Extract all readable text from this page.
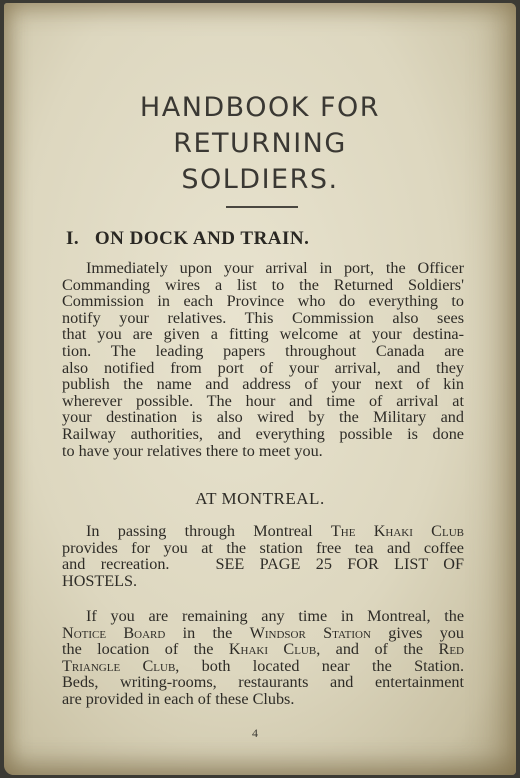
HANDBOOK FOR
RETURNING
SOLDIERS.
I.   ON DOCK AND TRAIN.
Immediately upon your arrival in port, the Officer
Commanding wires a list to the Returned Soldiers'
Commission in each Province who do everything to
notify your relatives. This Commission also sees
that you are given a fitting welcome at your destina-
tion. The leading papers throughout Canada are
also notified from port of your arrival, and they
publish the name and address of your next of kin
wherever possible. The hour and time of arrival at
your destination is also wired by the Military and
Railway authorities, and everything possible is done
to have your relatives there to meet you.
AT MONTREAL.
In passing through Montreal The Khaki Club
provides for you at the station free tea and coffee
and recreation.   SEE PAGE 25 FOR LIST OF
HOSTELS.
If you are remaining any time in Montreal, the
Notice Board in the Windsor Station gives you
the location of the Khaki Club, and of the Red
Triangle Club, both located near the Station.
Beds, writing-rooms, restaurants and entertainment
are provided in each of these Clubs.
4
